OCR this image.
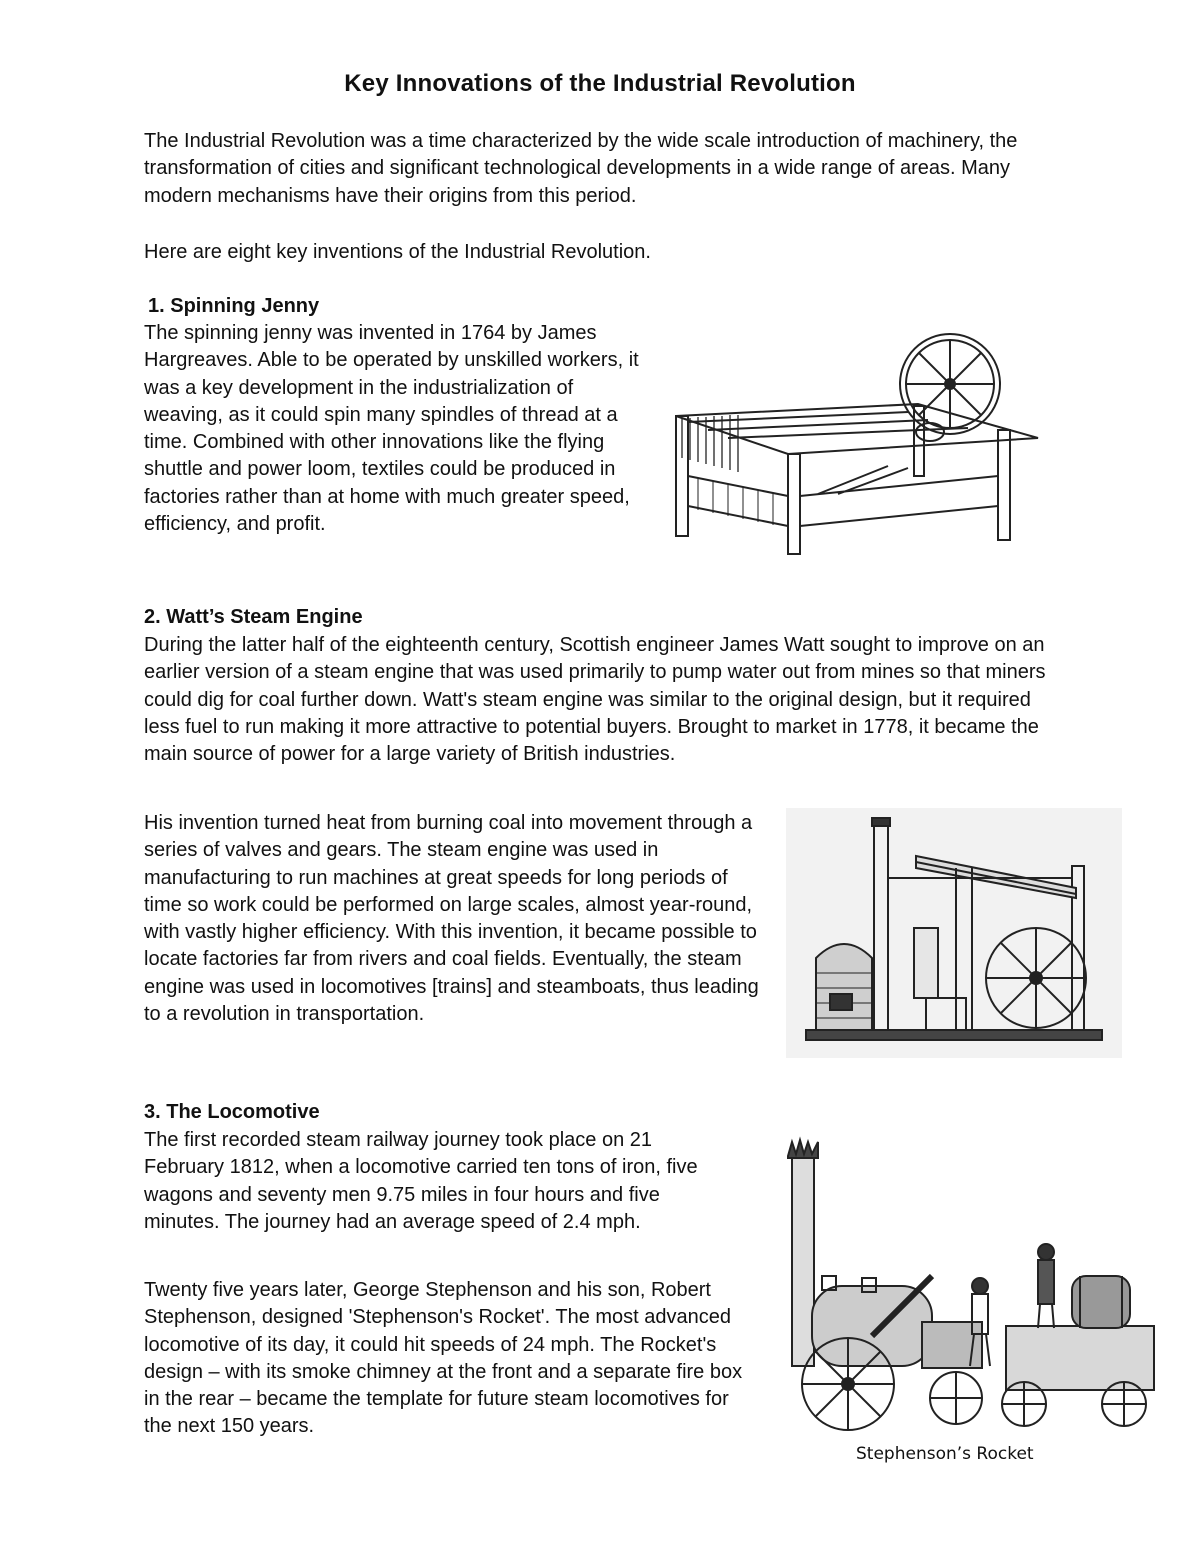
Key Innovations of the Industrial Revolution

The Industrial Revolution was a time characterized by the wide scale introduction of machinery, the transformation of cities and significant technological developments in a wide range of areas. Many modern mechanisms have their origins from this period.

Here are eight key inventions of the Industrial Revolution.

1. Spinning Jenny

The spinning jenny was invented in 1764 by James Hargreaves. Able to be operated by unskilled workers, it was a key development in the industrialization of weaving, as it could spin many spindles of thread at a time. Combined with other innovations like the flying shuttle and power loom, textiles could be produced in factories rather than at home with much greater speed, efficiency, and profit.

2. Watt’s Steam Engine

During the latter half of the eighteenth century, Scottish engineer James Watt sought to improve on an earlier version of a steam engine that was used primarily to pump water out from mines so that miners could dig for coal further down. Watt's steam engine was similar to the original design, but it required less fuel to run making it more attractive to potential buyers. Brought to market in 1778, it became the main source of power for a large variety of British industries.

His invention turned heat from burning coal into movement through a series of valves and gears. The steam engine was used in manufacturing to run machines at great speeds for long periods of time so work could be performed on large scales, almost year-round, with vastly higher efficiency. With this invention, it became possible to locate factories far from rivers and coal fields. Eventually, the steam engine was used in locomotives [trains] and steamboats, thus leading to a revolution in transportation.

3. The Locomotive

The first recorded steam railway journey took place on 21 February 1812, when a locomotive carried ten tons of iron, five wagons and seventy men 9.75 miles in four hours and five minutes. The journey had an average speed of 2.4 mph.

Twenty five years later, George Stephenson and his son, Robert Stephenson, designed 'Stephenson's Rocket'. The most advanced locomotive of its day, it could hit speeds of 24 mph. The Rocket's design – with its smoke chimney at the front and a separate fire box in the rear – became the template for future steam locomotives for the next 150 years.

Stephenson’s Rocket
